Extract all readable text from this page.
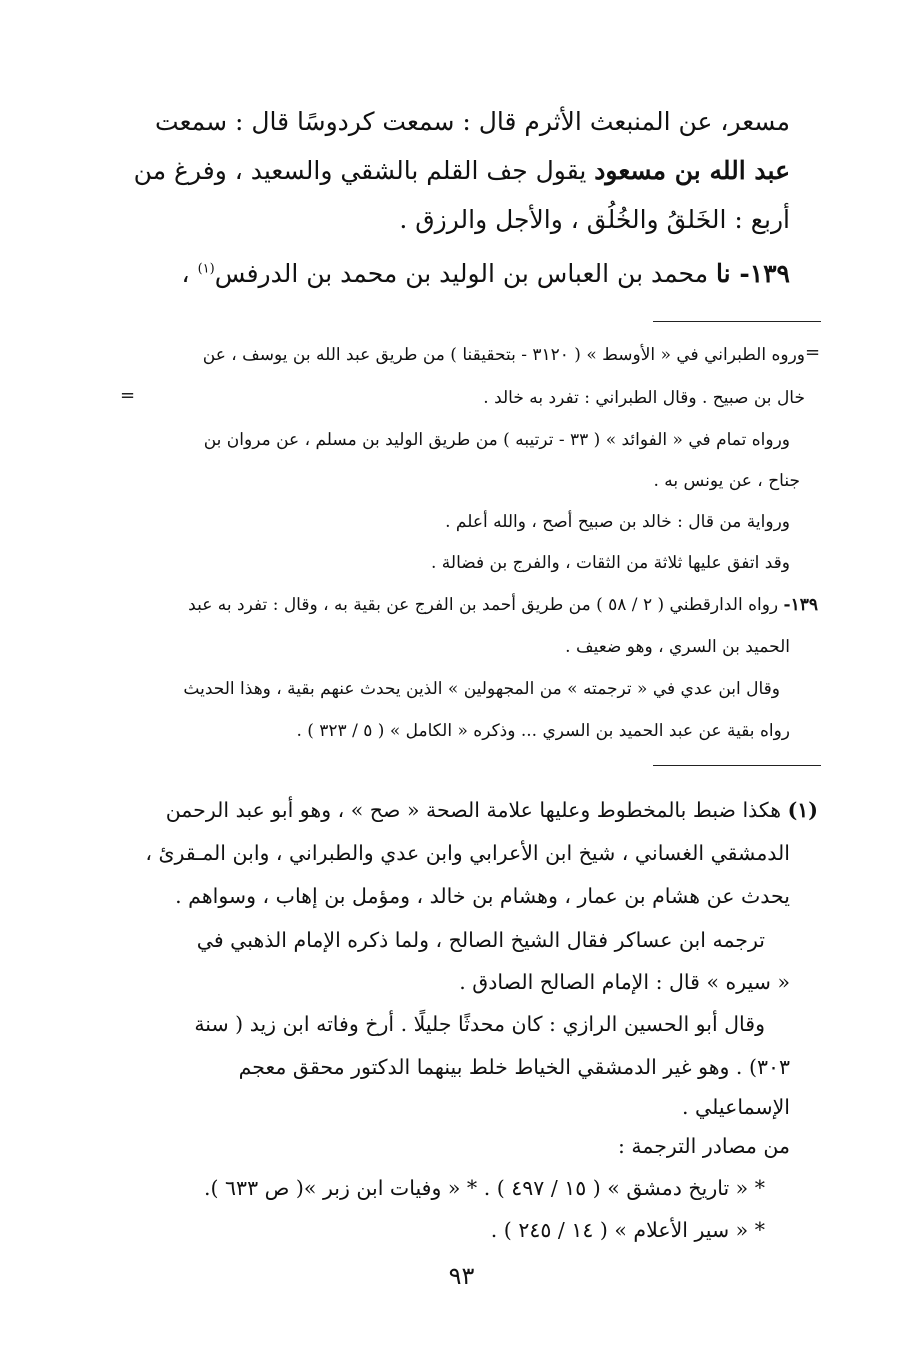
مسعر، عن المنبعث الأثرم قال : سمعت كردوسًا قال : سمعت
عبد الله بن مسعود يقول جف القلم بالشقي والسعيد ، وفرغ من
أربع : الخَلقُ والخُلُق ، والأجل والرزق .
١٣٩- نا محمد بن العباس بن الوليد بن محمد بن الدرفس$^{(١)}$ ،
=
=
وروه الطبراني في « الأوسط » ( ٣١٢٠ - بتحقيقنا ) من طريق عبد الله بن يوسف ، عن
خال بن صبيح . وقال الطبراني : تفرد به خالد .
ورواه تمام في « الفوائد » ( ٣٣ - ترتيبه ) من طريق الوليد بن مسلم ، عن مروان بن
جناح ، عن يونس به .
ورواية من قال : خالد بن صبيح أصح ، والله أعلم .
وقد اتفق عليها ثلاثة من الثقات ، والفرج بن فضالة .
١٣٩- رواه الدارقطني ( ٢ / ٥٨ ) من طريق أحمد بن الفرج عن بقية به ، وقال : تفرد به عبد
الحميد بن السري ، وهو ضعيف .
وقال ابن عدي في « ترجمته » من المجهولين » الذين يحدث عنهم بقية ، وهذا الحديث
رواه بقية عن عبد الحميد بن السري ... وذكره « الكامل » ( ٥ / ٣٢٣ ) .
(١) هكذا ضبط بالمخطوط وعليها علامة الصحة « صح » ، وهو أبو عبد الرحمن
الدمشقي الغساني ، شيخ ابن الأعرابي وابن عدي والطبراني ، وابن المـقرئ ،
يحدث عن هشام بن عمار ، وهشام بن خالد ، ومؤمل بن إهاب ، وسواهم .
ترجمه ابن عساكر فقال الشيخ الصالح ، ولما ذكره الإمام الذهبي في
« سيره » قال : الإمام الصالح الصادق .
وقال أبو الحسين الرازي : كان محدثًا جليلًا . أرخ وفاته ابن زيد ( سنة
٣٠٣) . وهو غير الدمشقي الخياط خلط بينهما الدكتور محقق معجم
الإسماعيلي .
من مصادر الترجمة :
* « تاريخ دمشق » ( ١٥ / ٤٩٧ ) . * « وفيات ابن زبر »( ص ٦٣٣ ).
* « سير الأعلام » ( ١٤ / ٢٤٥ ) .
٩٣
